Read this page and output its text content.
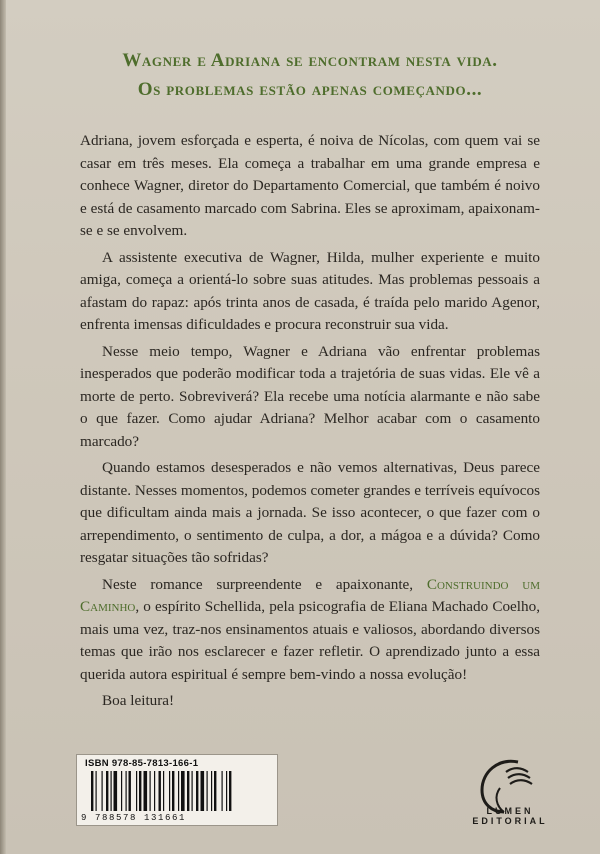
Wagner e Adriana se encontram nesta vida.
Os problemas estão apenas começando...

Adriana, jovem esforçada e esperta, é noiva de Nícolas, com quem vai se casar em três meses. Ela começa a trabalhar em uma grande empresa e conhece Wagner, diretor do Departamento Comercial, que também é noivo e está de casamento marcado com Sabrina. Eles se aproximam, apaixonam-se e se envolvem.

A assistente executiva de Wagner, Hilda, mulher experiente e muito amiga, começa a orientá-lo sobre suas atitudes. Mas problemas pessoais a afastam do rapaz: após trinta anos de casada, é traída pelo marido Agenor, enfrenta imensas dificuldades e procura reconstruir sua vida.

Nesse meio tempo, Wagner e Adriana vão enfrentar problemas inesperados que poderão modificar toda a trajetória de suas vidas. Ele vê a morte de perto. Sobreviverá? Ela recebe uma notícia alarmante e não sabe o que fazer. Como ajudar Adriana? Melhor acabar com o casamento marcado?

Quando estamos desesperados e não vemos alternativas, Deus parece distante. Nesses momentos, podemos cometer grandes e terríveis equívocos que dificultam ainda mais a jornada. Se isso acontecer, o que fazer com o arrependimento, o sentimento de culpa, a dor, a mágoa e a dúvida? Como resgatar situações tão sofridas?

Neste romance surpreendente e apaixonante, Construindo um Caminho, o espírito Schellida, pela psicografia de Eliana Machado Coelho, mais uma vez, traz-nos ensinamentos atuais e valiosos, abordando diversos temas que irão nos esclarecer e fazer refletir. O aprendizado junto a essa querida autora espiritual é sempre bem-vindo a nossa evolução!

Boa leitura!

ISBN 978-85-7813-166-1
9 788578 131661
LÚMEN
EDITORIAL
